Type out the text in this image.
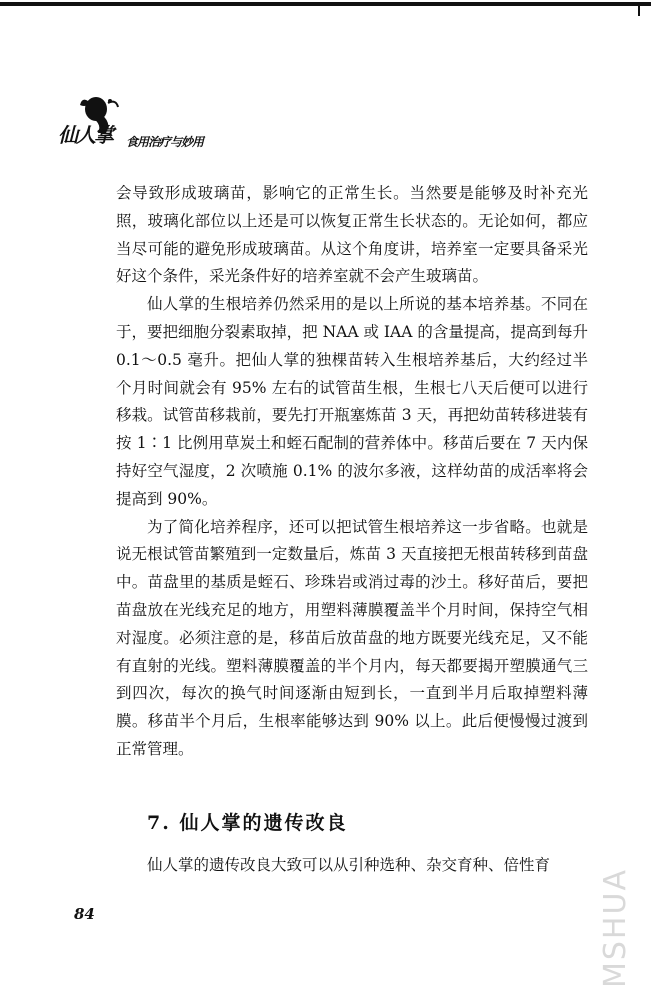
仙人掌 食用治疗与妙用

会导致形成玻璃苗，影响它的正常生长。当然要是能够及时补充光照，玻璃化部位以上还是可以恢复正常生长状态的。无论如何，都应当尽可能的避免形成玻璃苗。从这个角度讲，培养室一定要具备采光好这个条件，采光条件好的培养室就不会产生玻璃苗。

仙人掌的生根培养仍然采用的是以上所说的基本培养基。不同在于，要把细胞分裂素取掉，把 NAA 或 IAA 的含量提高，提高到每升 0.1～0.5 毫升。把仙人掌的独棵苗转入生根培养基后，大约经过半个月时间就会有 95% 左右的试管苗生根，生根七八天后便可以进行移栽。试管苗移栽前，要先打开瓶塞炼苗 3 天，再把幼苗转移进装有按 1∶1 比例用草炭土和蛭石配制的营养体中。移苗后要在 7 天内保持好空气湿度，2 次喷施 0.1% 的波尔多液，这样幼苗的成活率将会提高到 90%。

为了简化培养程序，还可以把试管生根培养这一步省略。也就是说无根试管苗繁殖到一定数量后，炼苗 3 天直接把无根苗转移到苗盘中。苗盘里的基质是蛭石、珍珠岩或消过毒的沙土。移好苗后，要把苗盘放在光线充足的地方，用塑料薄膜覆盖半个月时间，保持空气相对湿度。必须注意的是，移苗后放苗盘的地方既要光线充足，又不能有直射的光线。塑料薄膜覆盖的半个月内，每天都要揭开塑膜通气三到四次，每次的换气时间逐渐由短到长，一直到半月后取掉塑料薄膜。移苗半个月后，生根率能够达到 90% 以上。此后便慢慢过渡到正常管理。

7. 仙人掌的遗传改良
仙人掌的遗传改良大致可以从引种选种、杂交育种、倍性育
84	MSHUA
